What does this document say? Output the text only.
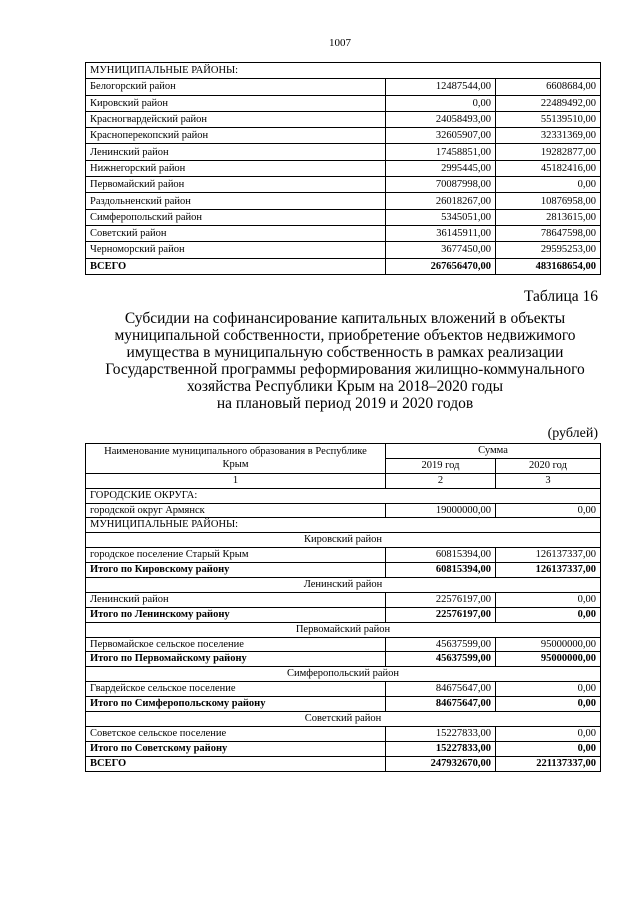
1007
МУНИЦИПАЛЬНЫЕ РАЙОНЫ:		
Белогорский район	12487544,00	6608684,00
Кировский район	0,00	22489492,00
Красногвардейский район	24058493,00	55139510,00
Красноперекопский район	32605907,00	32331369,00
Ленинский район	17458851,00	19282877,00
Нижнегорский район	2995445,00	45182416,00
Первомайский район	70087998,00	0,00
Раздольненский район	26018267,00	10876958,00
Симферопольский район	5345051,00	2813615,00
Советский район	36145911,00	78647598,00
Черноморский район	3677450,00	29595253,00
ВСЕГО	267656470,00	483168654,00
Таблица 16
Субсидии на софинансирование капитальных вложений в объекты
муниципальной собственности, приобретение объектов недвижимого
имущества в муниципальную собственность в рамках реализации
Государственной программы реформирования жилищно-коммунального
хозяйства Республики Крым на 2018–2020 годы
на плановый период 2019 и 2020 годов
(рублей)
Наименование муниципального образования в Республике Крым	Сумма	
	2019 год	2020 год
1	2	3
ГОРОДСКИЕ ОКРУГА:		
городской округ Армянск	19000000,00	0,00
МУНИЦИПАЛЬНЫЕ РАЙОНЫ:		
Кировский район		
городское поселение Старый Крым	60815394,00	126137337,00
Итого по Кировскому району	60815394,00	126137337,00
Ленинский район		
Ленинский район	22576197,00	0,00
Итого по Ленинскому району	22576197,00	0,00
Первомайский район		
Первомайское сельское поселение	45637599,00	95000000,00
Итого по Первомайскому району	45637599,00	95000000,00
Симферопольский район		
Гвардейское сельское поселение	84675647,00	0,00
Итого по Симферопольскому району	84675647,00	0,00
Советский район		
Советское сельское поселение	15227833,00	0,00
Итого по Советскому району	15227833,00	0,00
ВСЕГО	247932670,00	221137337,00
